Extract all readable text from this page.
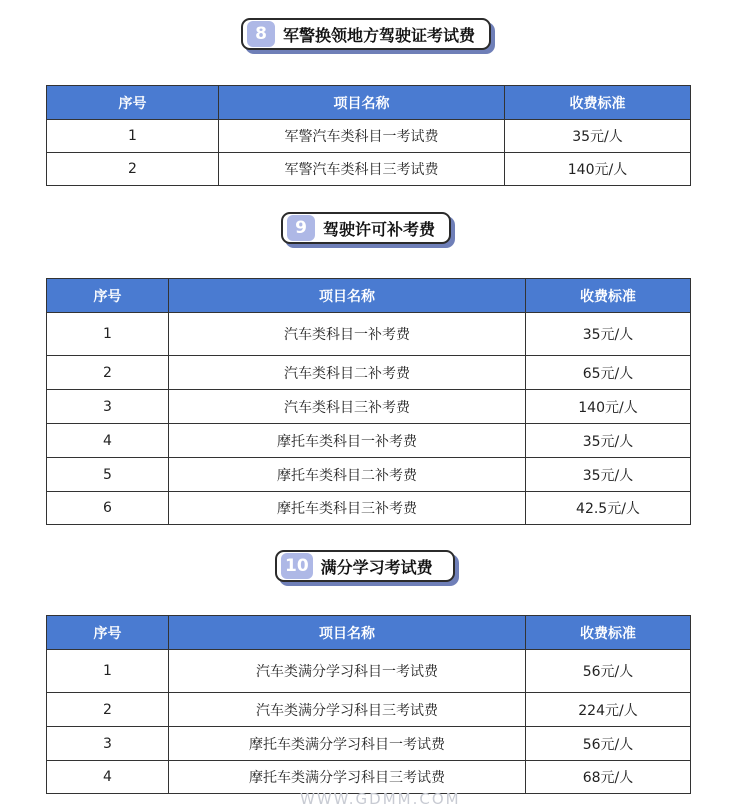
8	军警换领地方驾驶证考试费
序号	项目名称	收费标准
1	军警汽车类科目一考试费	35元/人
2	军警汽车类科目三考试费	140元/人
9	驾驶许可补考费
序号	项目名称	收费标准
1	汽车类科目一补考费	35元/人
2	汽车类科目二补考费	65元/人
3	汽车类科目三补考费	140元/人
4	摩托车类科目一补考费	35元/人
5	摩托车类科目二补考费	35元/人
6	摩托车类科目三补考费	42.5元/人
10 满分学习考试费
序号	项目名称	收费标准
1	汽车类满分学习科目一考试费	56元/人
2	汽车类满分学习科目三考试费	224元/人
3	摩托车类满分学习科目一考试费	56元/人
4	摩托车类满分学习科目三考试费	68元/人
WWW.GDMM.COM
